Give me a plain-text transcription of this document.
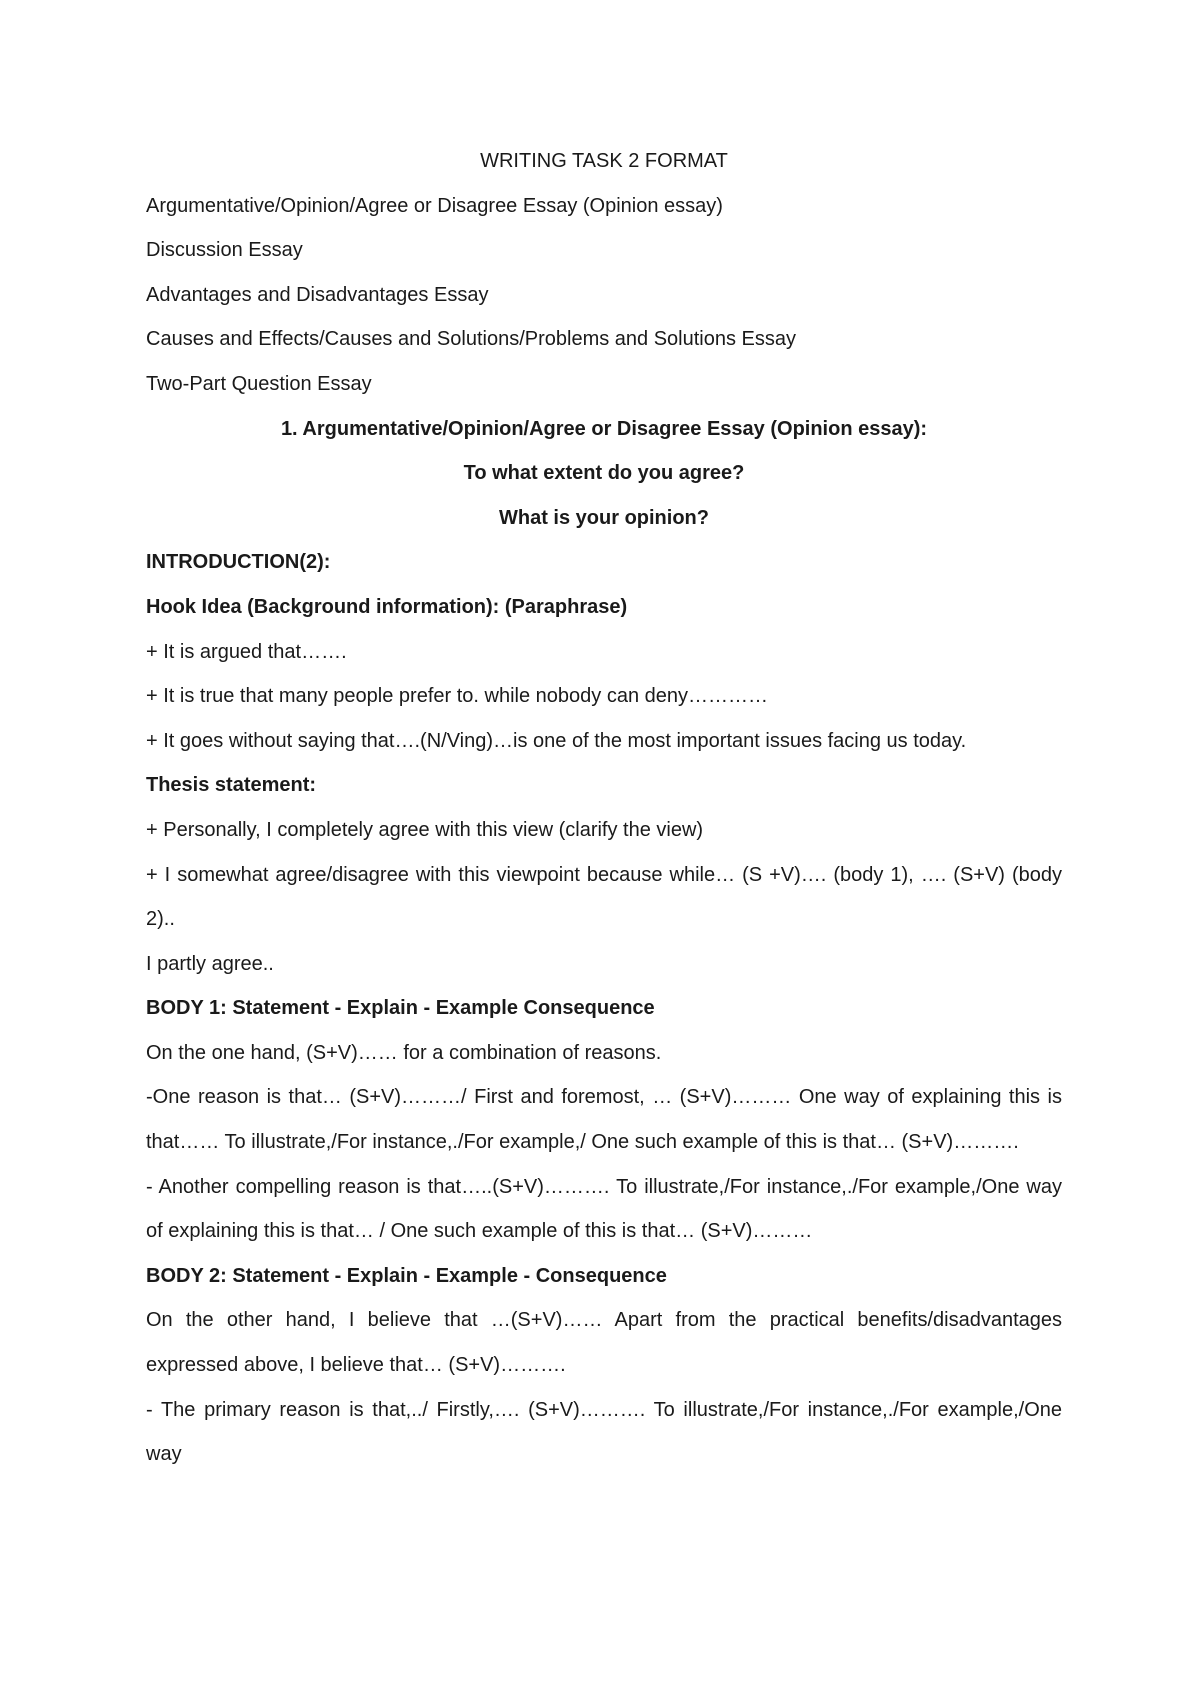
WRITING TASK 2 FORMAT

Argumentative/Opinion/Agree or Disagree Essay (Opinion essay)

Discussion Essay

Advantages and Disadvantages Essay

Causes and Effects/Causes and Solutions/Problems and Solutions Essay

Two-Part Question Essay

1. Argumentative/Opinion/Agree or Disagree Essay (Opinion essay):

To what extent do you agree?

What is your opinion?

INTRODUCTION(2):

Hook Idea (Background information): (Paraphrase)

+ It is argued that…….

+ It is true that many people prefer to. while nobody can deny…………

+ It goes without saying that….(N/Ving)…is one of the most important issues facing us today.

Thesis statement:

+ Personally, I completely agree with this view (clarify the view)

+ I somewhat agree/disagree with this viewpoint because while… (S +V)…. (body 1), …. (S+V) (body 2)..

I partly agree..

BODY 1: Statement - Explain - Example Consequence

On the one hand, (S+V)…… for a combination of reasons.

-One reason is that… (S+V)………/ First and foremost, … (S+V)……… One way of explaining this is that…… To illustrate,/For instance,./For example,/ One such example of this is that… (S+V)……….

- Another compelling reason is that…..(S+V)………. To illustrate,/For instance,./For example,/One way of explaining this is that… / One such example of this is that… (S+V)………

BODY 2: Statement - Explain - Example - Consequence

On the other hand, I believe that …(S+V)…… Apart from the practical benefits/disadvantages expressed above, I believe that… (S+V)……….

- The primary reason is that,../ Firstly,…. (S+V)………. To illustrate,/For instance,./For example,/One way
